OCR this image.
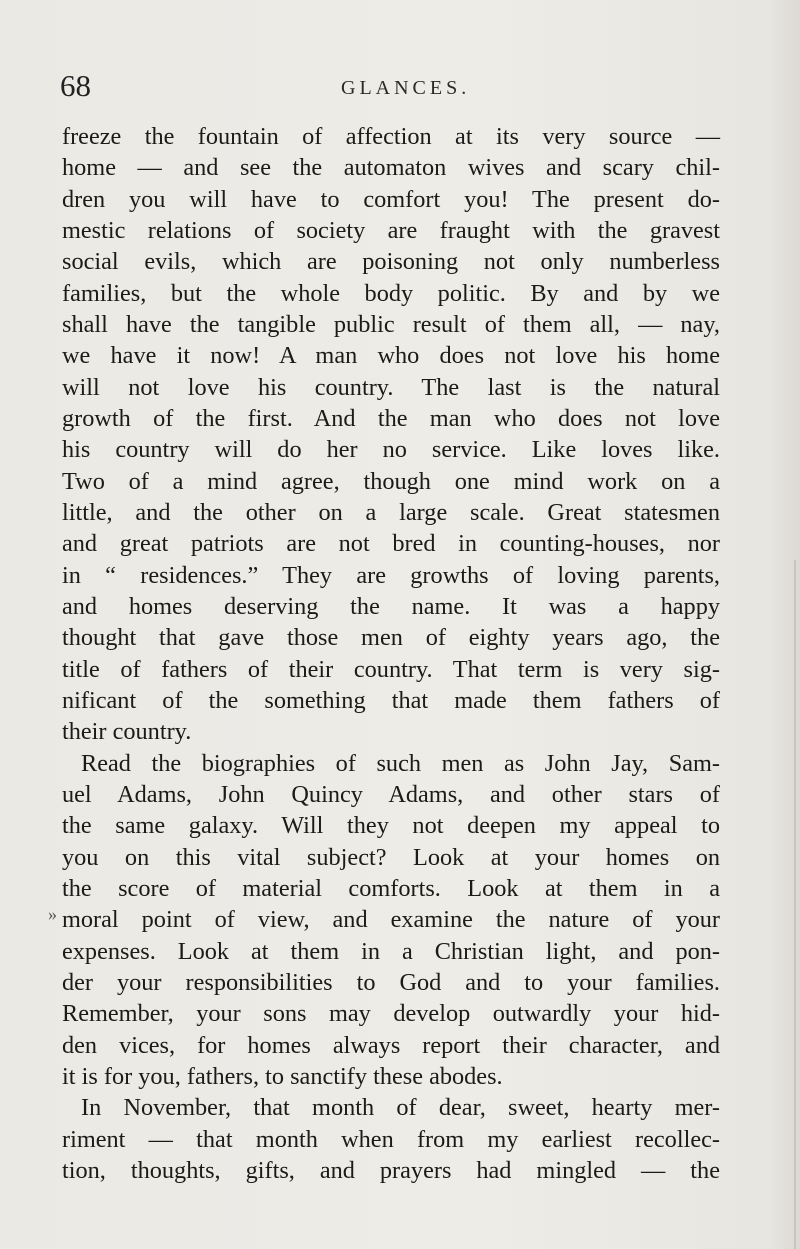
68	GLANCES.
»
freeze the fountain of affection at its very source —
home — and see the automaton wives and scary chil-
dren you will have to comfort you! The present do-
mestic relations of society are fraught with the gravest
social evils, which are poisoning not only numberless
families, but the whole body politic. By and by we
shall have the tangible public result of them all, — nay,
we have it now! A man who does not love his home
will not love his country. The last is the natural
growth of the first. And the man who does not love
his country will do her no service. Like loves like.
Two of a mind agree, though one mind work on a
little, and the other on a large scale. Great statesmen
and great patriots are not bred in counting-houses, nor
in “ residences.” They are growths of loving parents,
and homes deserving the name. It was a happy
thought that gave those men of eighty years ago, the
title of fathers of their country. That term is very sig-
nificant of the something that made them fathers of
their country.
Read the biographies of such men as John Jay, Sam-
uel Adams, John Quincy Adams, and other stars of
the same galaxy. Will they not deepen my appeal to
you on this vital subject? Look at your homes on
the score of material comforts. Look at them in a
moral point of view, and examine the nature of your
expenses. Look at them in a Christian light, and pon-
der your responsibilities to God and to your families.
Remember, your sons may develop outwardly your hid-
den vices, for homes always report their character, and
it is for you, fathers, to sanctify these abodes.
In November, that month of dear, sweet, hearty mer-
riment — that month when from my earliest recollec-
tion, thoughts, gifts, and prayers had mingled — the
